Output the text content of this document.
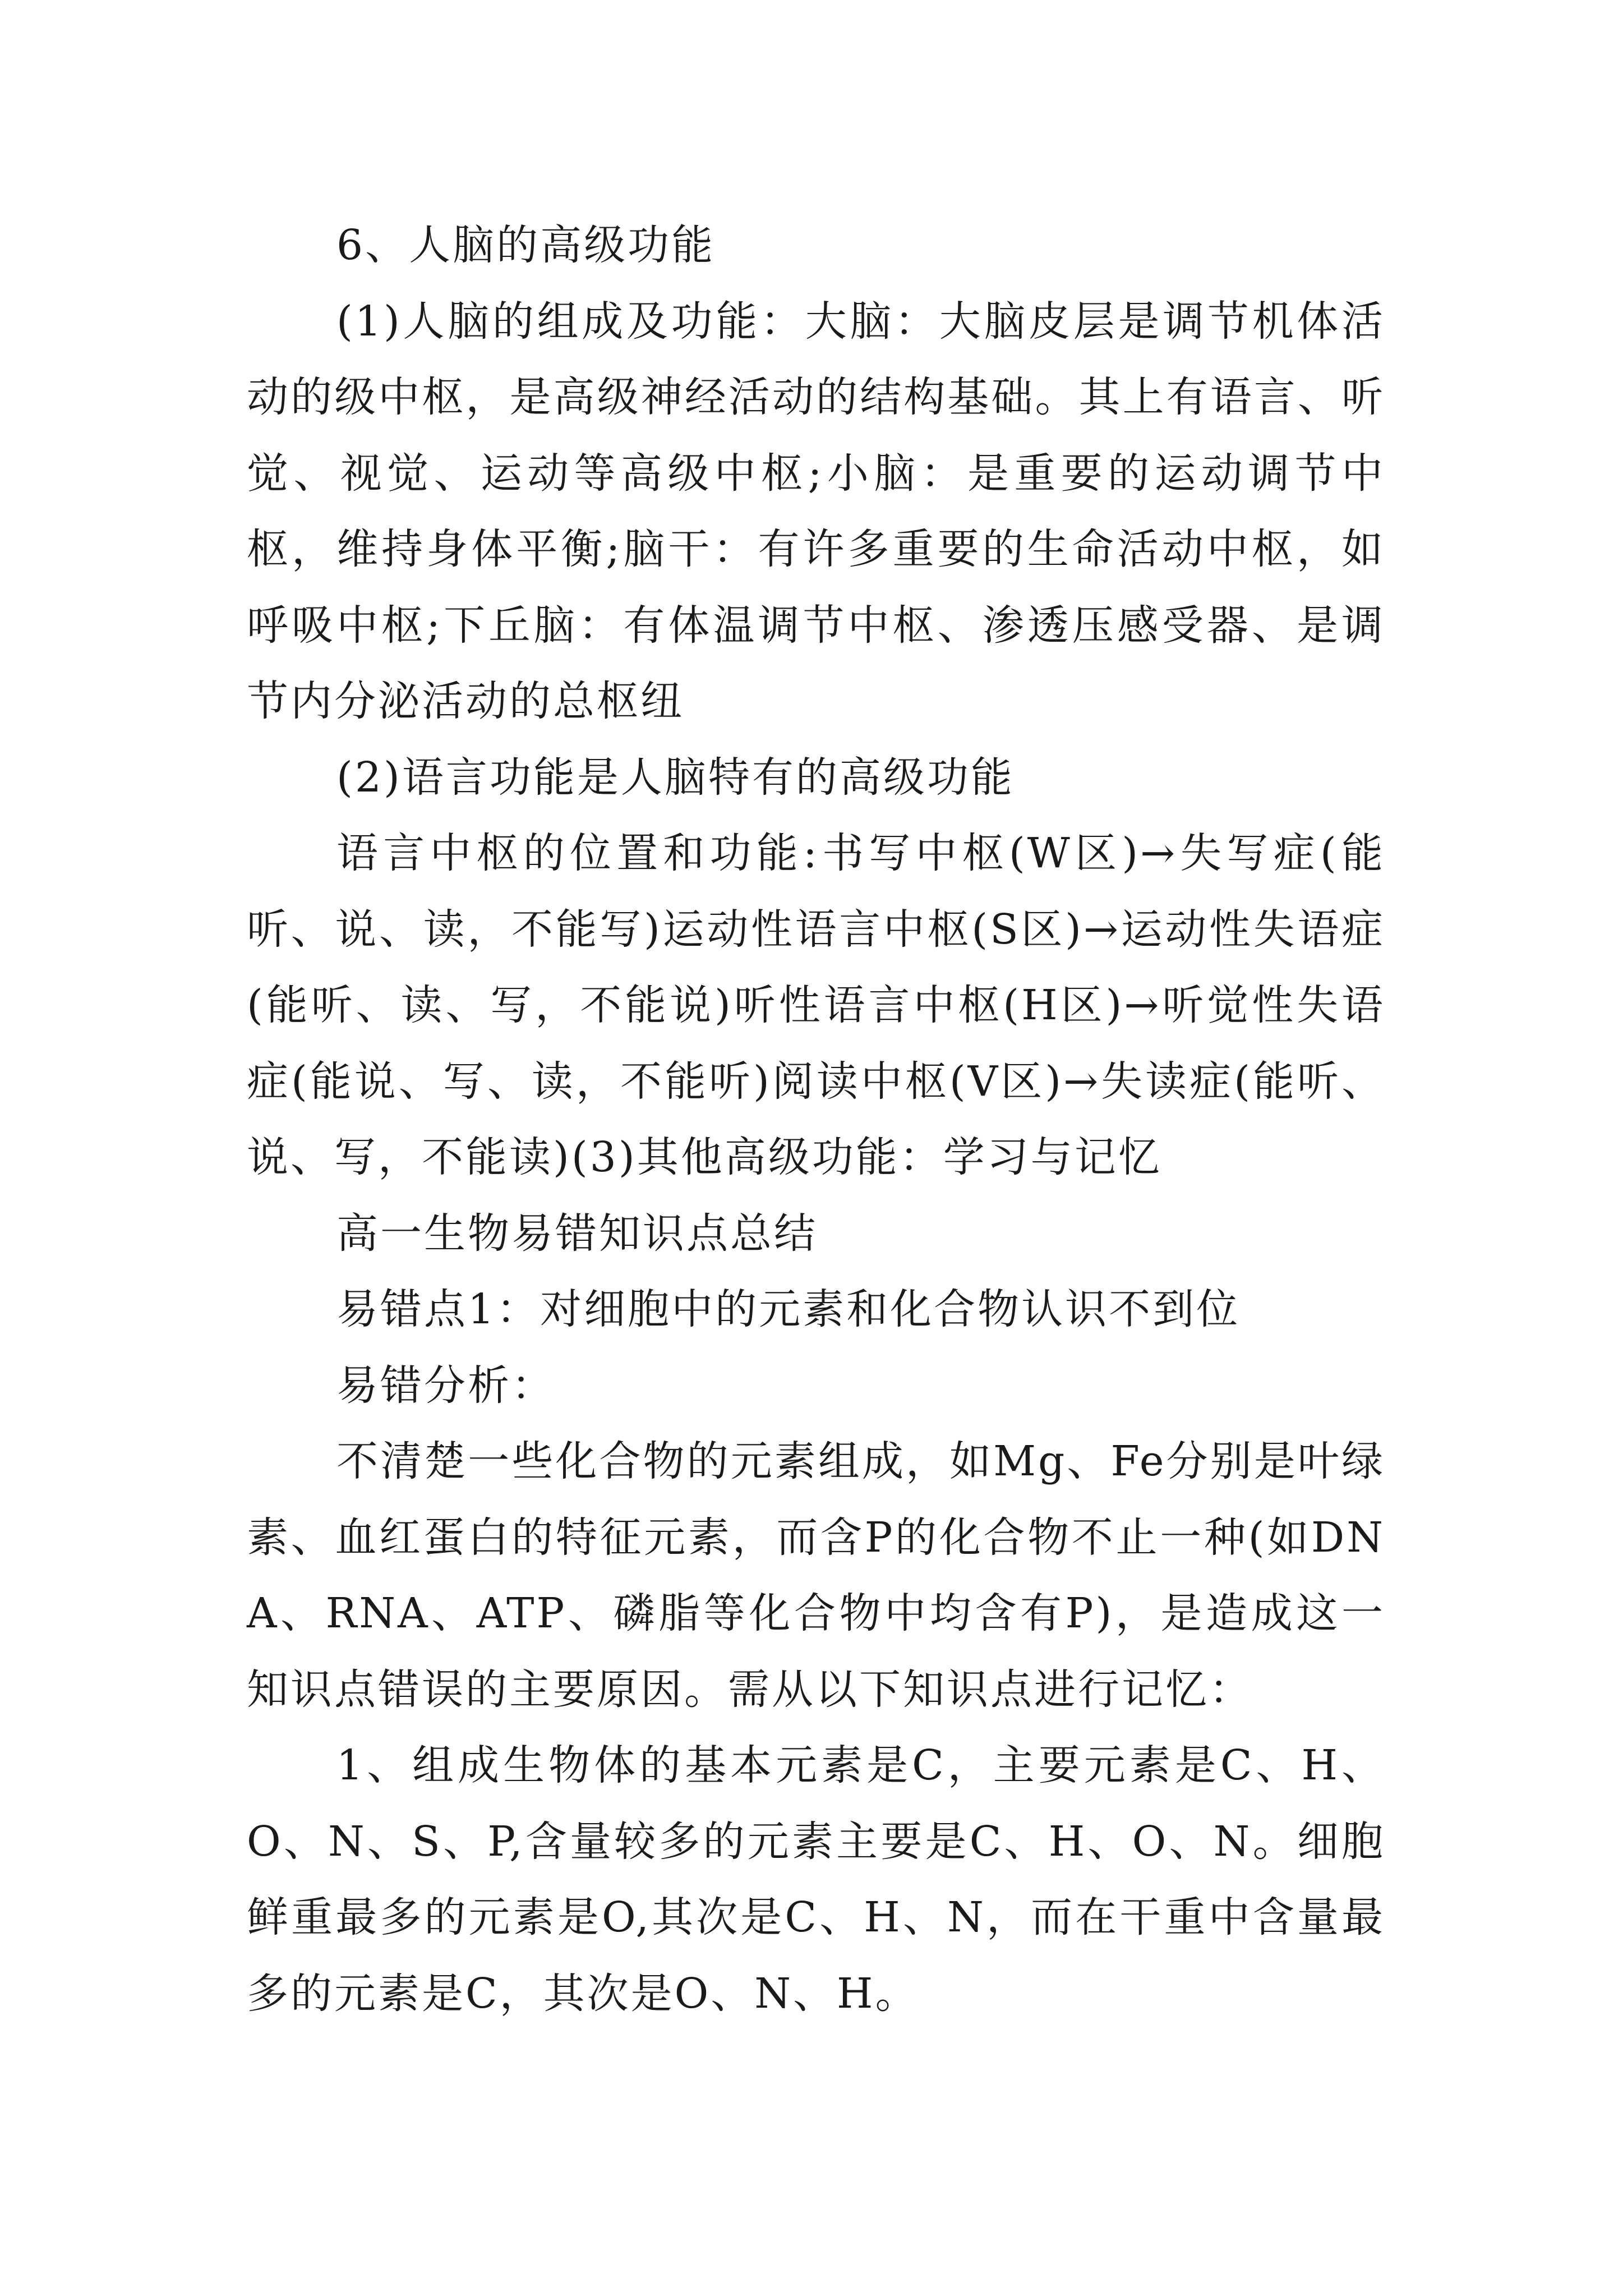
6、人脑的高级功能

(1)人脑的组成及功能：大脑：大脑皮层是调节机体活动的级中枢，是高级神经活动的结构基础。其上有语言、听觉、视觉、运动等高级中枢;小脑：是重要的运动调节中枢，维持身体平衡;脑干：有许多重要的生命活动中枢，如呼吸中枢;下丘脑：有体温调节中枢、渗透压感受器、是调节内分泌活动的总枢纽

(2)语言功能是人脑特有的高级功能

语言中枢的位置和功能:书写中枢(W区)→失写症(能听、说、读，不能写)运动性语言中枢(S区)→运动性失语症(能听、读、写，不能说)听性语言中枢(H区)→听觉性失语症(能说、写、读，不能听)阅读中枢(V区)→失读症(能听、说、写，不能读)(3)其他高级功能：学习与记忆

高一生物易错知识点总结

易错点1：对细胞中的元素和化合物认识不到位

易错分析：

不清楚一些化合物的元素组成，如Mg、Fe分别是叶绿素、血红蛋白的特征元素，而含P的化合物不止一种(如DNA、RNA、ATP、磷脂等化合物中均含有P)，是造成这一知识点错误的主要原因。需从以下知识点进行记忆：

1、组成生物体的基本元素是C，主要元素是C、H、O、N、S、P,含量较多的元素主要是C、H、O、N。细胞鲜重最多的元素是O,其次是C、H、N，而在干重中含量最多的元素是C，其次是O、N、H。
